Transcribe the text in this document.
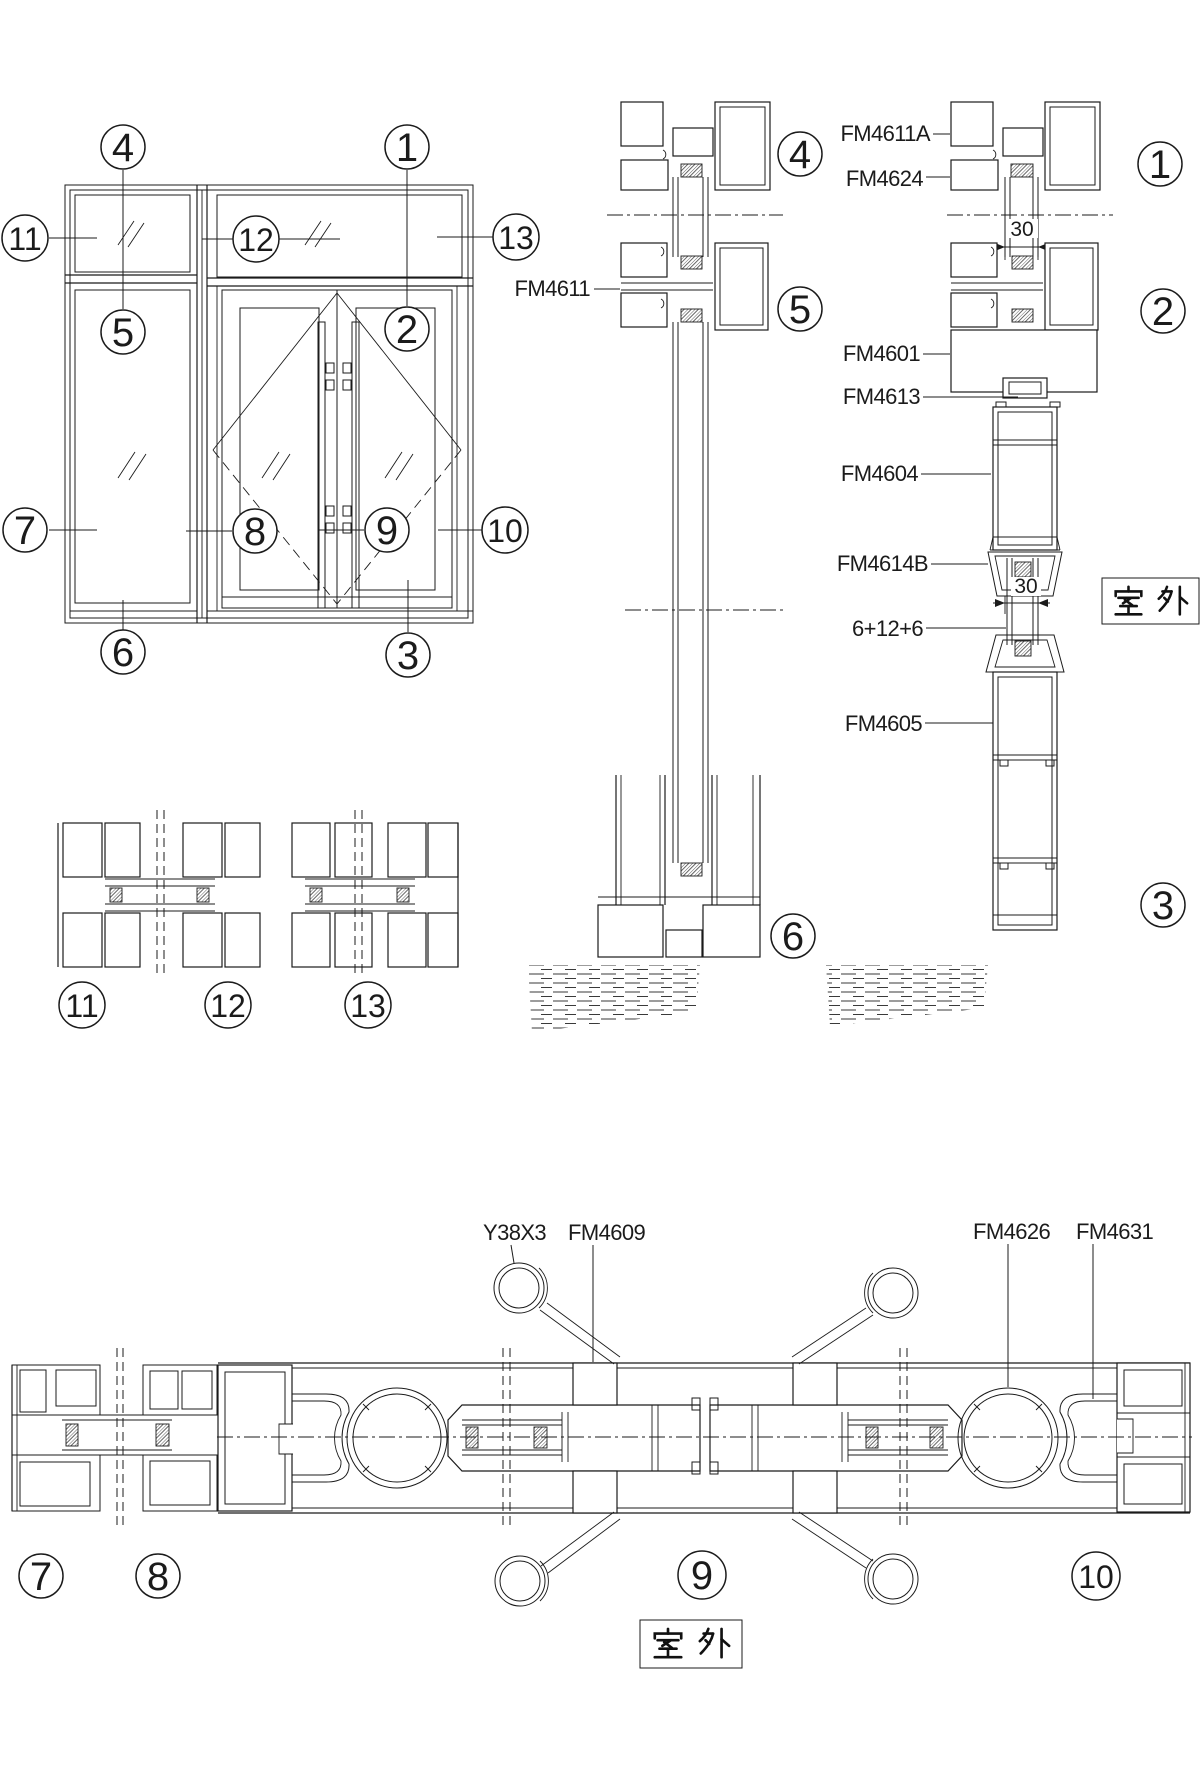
30
30
FM4611A
FM4624
FM4601
FM4613
FM4604
FM4614B
6+12+6
FM4605
FM4611
Y38X3 FM4609	FM4626 FM4631
4	1
11	12	13
5	2
7	8	9	10
6	3
4
5
6
1
2
3
11	12	13
7 8	9	10
